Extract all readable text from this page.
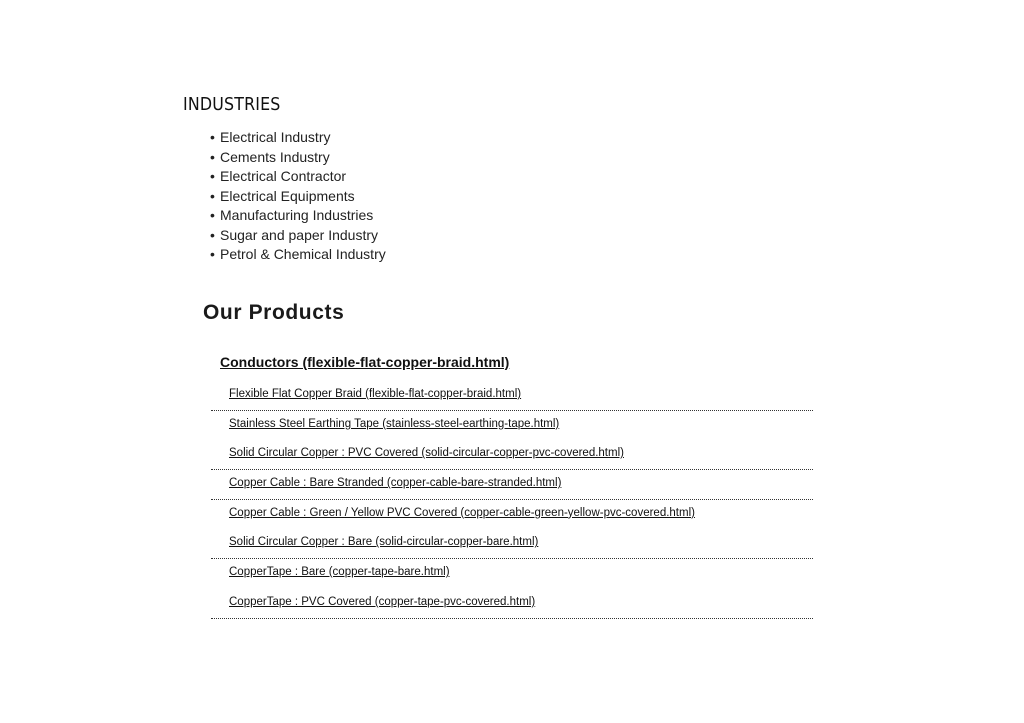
INDUSTRIES
• Electrical Industry
• Cements Industry
• Electrical Contractor
• Electrical Equipments
• Manufacturing Industries
• Sugar and paper Industry
• Petrol & Chemical Industry
Our Products
Conductors (flexible-flat-copper-braid.html)
Flexible Flat Copper Braid (flexible-flat-copper-braid.html)
Stainless Steel Earthing Tape (stainless-steel-earthing-tape.html)
Solid Circular Copper : PVC Covered (solid-circular-copper-pvc-covered.html)
Copper Cable : Bare Stranded (copper-cable-bare-stranded.html)
Copper Cable : Green / Yellow PVC Covered (copper-cable-green-yellow-pvc-covered.html)
Solid Circular Copper : Bare (solid-circular-copper-bare.html)
CopperTape : Bare (copper-tape-bare.html)
CopperTape : PVC Covered (copper-tape-pvc-covered.html)
